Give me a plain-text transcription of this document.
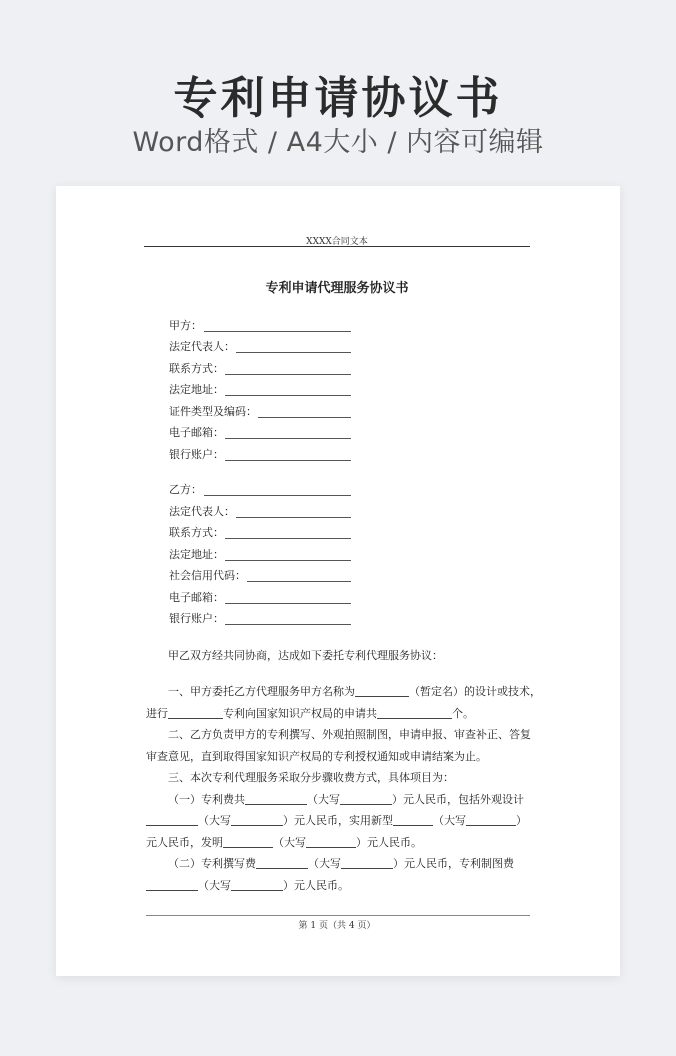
专利申请协议书
Word格式 / A4大小 / 内容可编辑
XXXX合同文本
专利申请代理服务协议书
甲方：
法定代表人：
联系方式：
法定地址：
证件类型及编码：
电子邮箱：
银行账户：
乙方：
法定代表人：
联系方式：
法定地址：
社会信用代码：
电子邮箱：
银行账户：

甲乙双方经共同协商，达成如下委托专利代理服务协议：

一、甲方委托乙方代理服务甲方名称为	（暂定名）的设计或技术，

进行	专利向国家知识产权局的申请共	个。

二、乙方负责甲方的专利撰写、外观拍照制图，申请申报、审查补正、答复

审查意见，直到取得国家知识产权局的专利授权通知或申请结案为止。

三、本次专利代理服务采取分步骤收费方式，具体项目为：

（一）专利费共	（大写	）元人民币，包括外观设计

（大写	）元人民币，实用新型	（大写	）

元人民币，发明	（大写	）元人民币。

（二）专利撰写费	（大写	）元人民币，专利制图费

（大写	）元人民币。

第 1 页（共 4 页）
